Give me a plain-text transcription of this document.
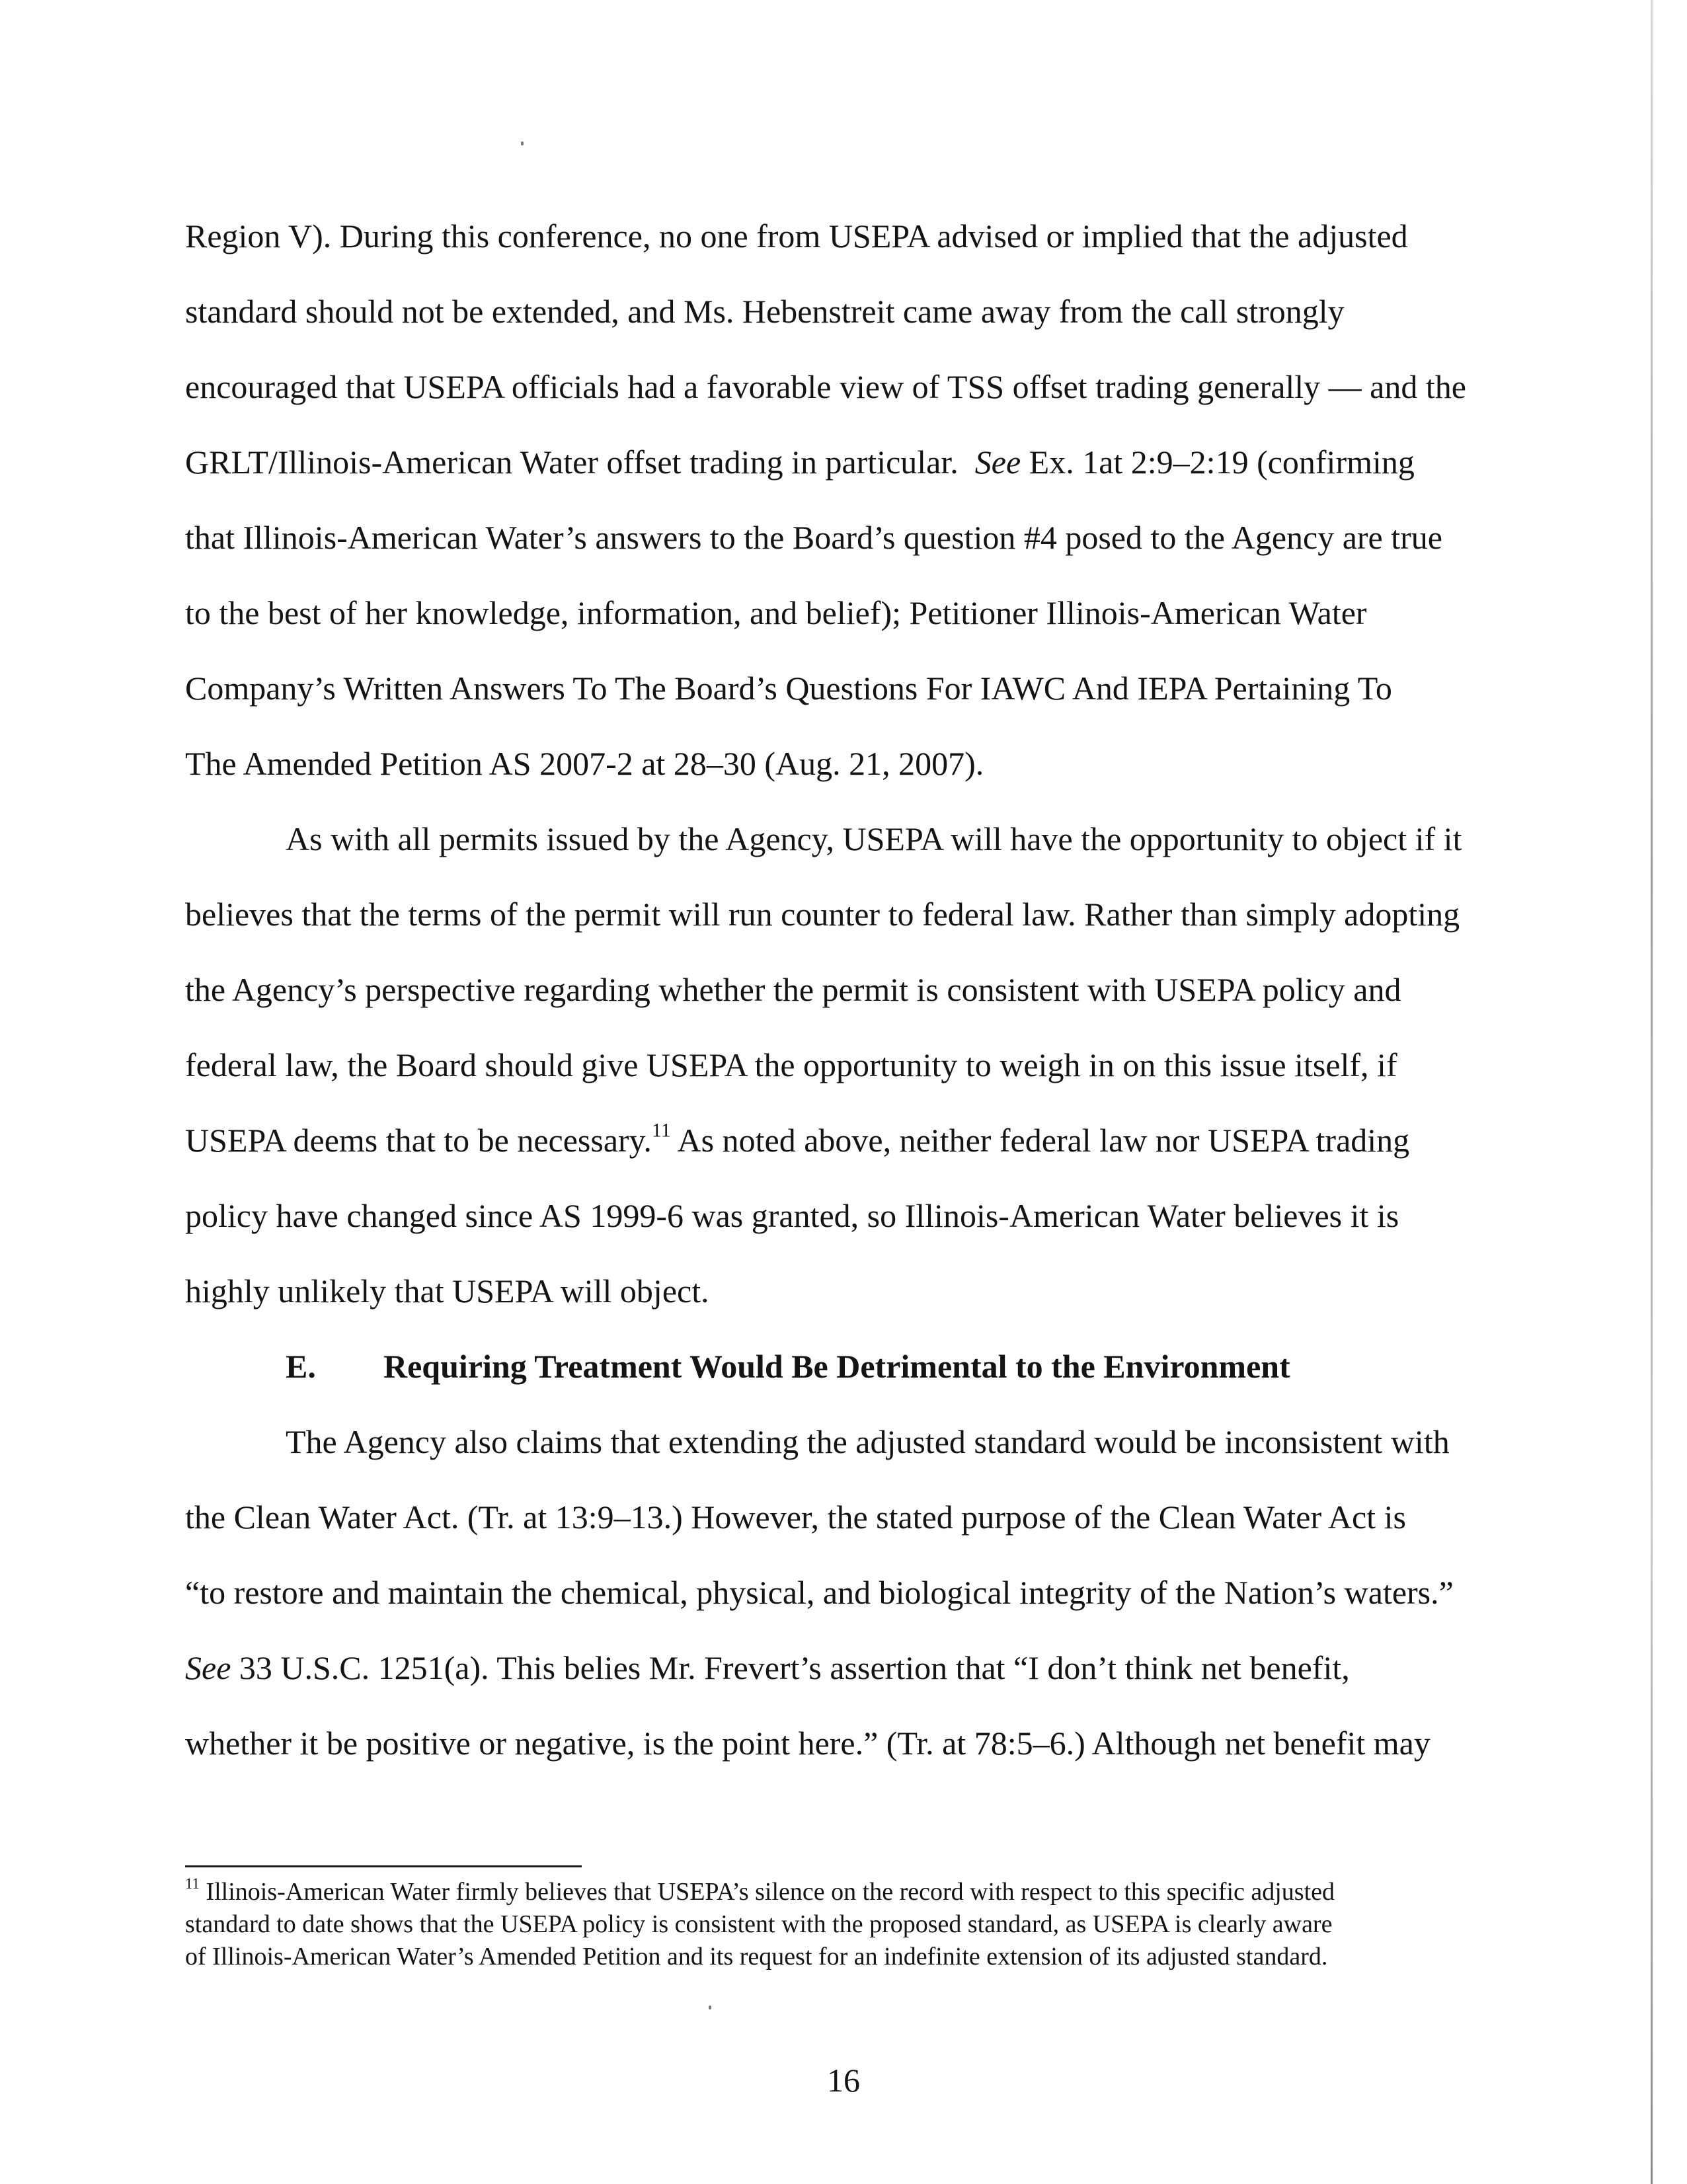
Region V). During this conference, no one from USEPA advised or implied that the adjusted
standard should not be extended, and Ms. Hebenstreit came away from the call strongly
encouraged that USEPA officials had a favorable view of TSS offset trading generally — and the
GRLT/Illinois-American Water offset trading in particular. See Ex. 1at 2:9–2:19 (confirming
that Illinois-American Water’s answers to the Board’s question #4 posed to the Agency are true
to the best of her knowledge, information, and belief); Petitioner Illinois-American Water
Company’s Written Answers To The Board’s Questions For IAWC And IEPA Pertaining To
The Amended Petition AS 2007-2 at 28–30 (Aug. 21, 2007).
As with all permits issued by the Agency, USEPA will have the opportunity to object if it
believes that the terms of the permit will run counter to federal law. Rather than simply adopting
the Agency’s perspective regarding whether the permit is consistent with USEPA policy and
federal law, the Board should give USEPA the opportunity to weigh in on this issue itself, if
USEPA deems that to be necessary.$^{11}$ As noted above, neither federal law nor USEPA trading
policy have changed since AS 1999-6 was granted, so Illinois-American Water believes it is
highly unlikely that USEPA will object.
E. Requiring Treatment Would Be Detrimental to the Environment
The Agency also claims that extending the adjusted standard would be inconsistent with
the Clean Water Act. (Tr. at 13:9–13.) However, the stated purpose of the Clean Water Act is
“to restore and maintain the chemical, physical, and biological integrity of the Nation’s waters.”
See 33 U.S.C. 1251(a). This belies Mr. Frevert’s assertion that “I don’t think net benefit,
whether it be positive or negative, is the point here.” (Tr. at 78:5–6.) Although net benefit may
$^{11}$ Illinois-American Water firmly believes that USEPA’s silence on the record with respect to this specific adjusted
standard to date shows that the USEPA policy is consistent with the proposed standard, as USEPA is clearly aware
of Illinois-American Water’s Amended Petition and its request for an indefinite extension of its adjusted standard.
16
